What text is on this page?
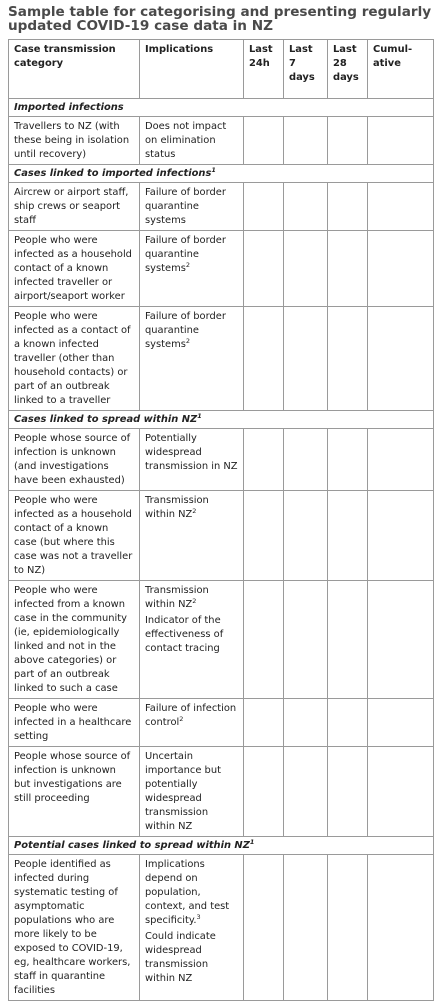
Sample table for categorising and presenting regularly updated COVID-19 case data in NZ
Case transmission category	Implications	Last 24h	Last 7 days	Last 28 days	Cumul-ative
Imported infections					
Travellers to NZ (with these being in isolation until recovery)	Does not impact on elimination status				

Cases linked to imported infections$^1$
Aircrew or airport staff, ship crews or seaport staff	Failure of border quarantine systems				

People who were infected as a household contact of a known infected traveller or airport/seaport worker	Failure of border quarantine systems$^2$

People who were infected as a contact of a known infected traveller (other than household contacts) or part of an outbreak linked to a traveller	Failure of border quarantine systems$^2$

Cases linked to spread within $NZ^1$
People whose source of infection is unknown (and investigations have been exhausted)	Potentially widespread transmission in NZ				

People who were infected as a household contact of a known case (but where this case was not a traveller to NZ)	Transmission within $NZ^2$

People who were infected from a known case in the community (ie, epidemiologically linked and not in the above categories) or part of an outbreak linked to such a case	Transmission within $NZ^2$
Indicator of the effectiveness of contact tracing				

People who were infected in a healthcare setting	Failure of infection control$^2$

People whose source of infection is unknown but investigations are still proceeding	Uncertain importance but potentially widespread transmission within NZ				

Potential cases linked to spread within $NZ^1$
People identified as infected during systematic testing of asymptomatic populations who are more likely to be exposed to COVID-19, eg, healthcare workers, staff in quarantine facilities	Implications depend on population, context, and test specificity.$^3$
Could indicate widespread transmission within NZ				
